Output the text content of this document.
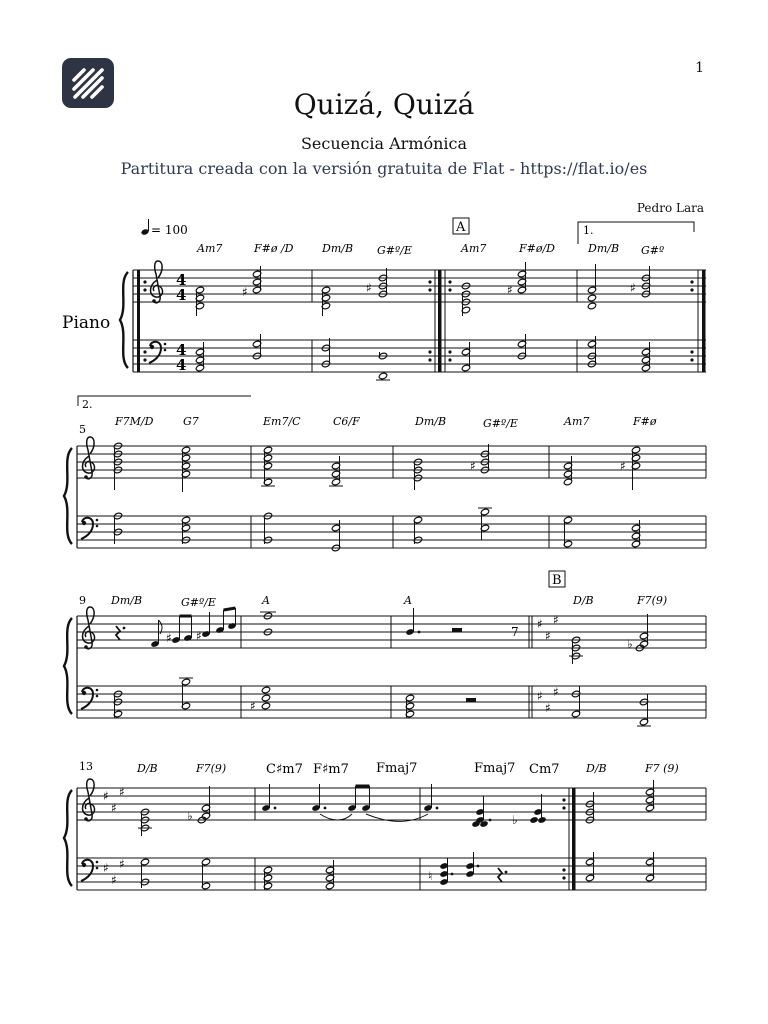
1
Quizá, Quizá
Secuencia Armónica
Partitura creada con la versión gratuita de Flat - https://flat.io/es
Pedro Lara
4
4
4
4
Piano
= 100	A	1.
Am7	F#ø /D	Dm/B G#º/E	Am7	F#ø/D	Dm/B G#º
♯	♯	♯	♯
2.
5
F7M/D	G7	Em7/C	C6/F	Dm/B	G#º/E	Am7	F#ø
♯	♯
9
B
♯
♯
♯
♯
♯
♯
Dm/B	G#º/E	A	A	D/B	F7(9)
♯ ♯	7
♭
♯
13
♯
♯
♯
♯
♯
♯
D/B	F7(9)	C♯m7 F♯m7 Fmaj7	Fmaj7 Cm7 D/B	F7 (9)
♭	♭
♮
